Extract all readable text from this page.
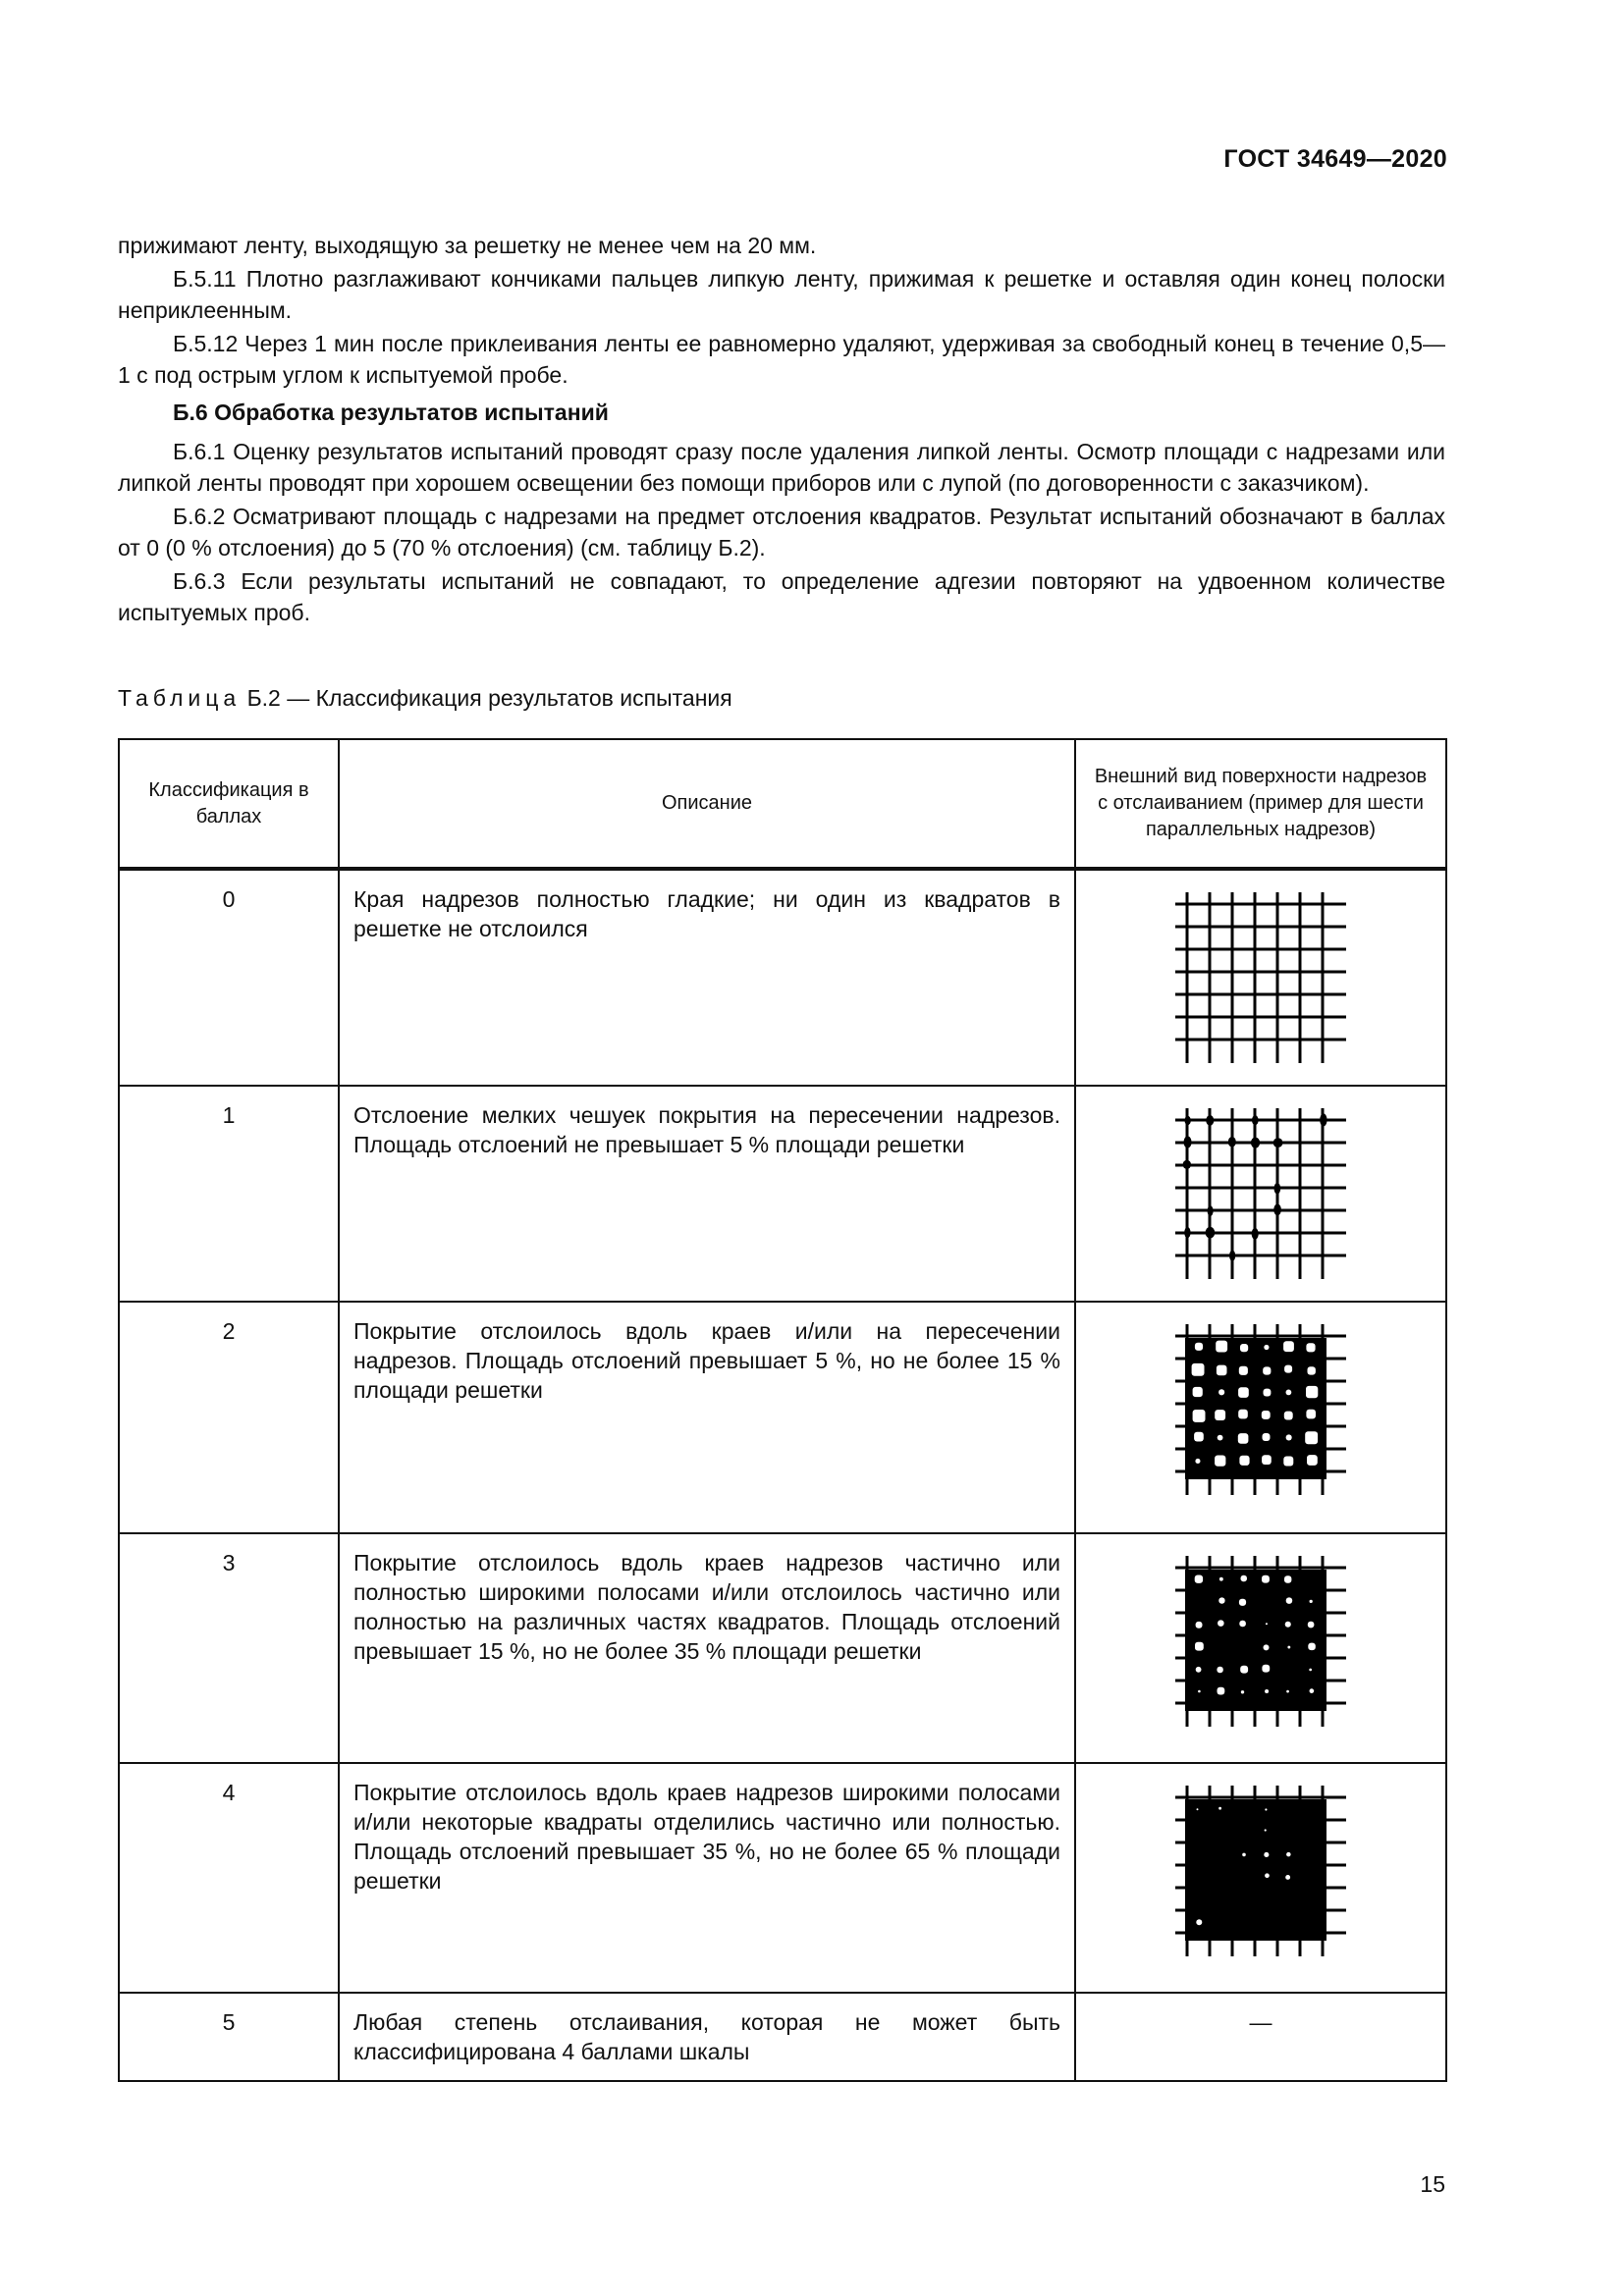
ГОСТ 34649—2020

прижимают ленту, выходящую за решетку не менее чем на 20 мм.

Б.5.11 Плотно разглаживают кончиками пальцев липкую ленту, прижимая к решетке и оставляя один конец полоски неприклеенным.

Б.5.12 Через 1 мин после приклеивания ленты ее равномерно удаляют, удерживая за свободный конец в течение 0,5—1 с под острым углом к испытуемой пробе.

Б.6 Обработка результатов испытаний

Б.6.1 Оценку результатов испытаний проводят сразу после удаления липкой ленты. Осмотр площади с надрезами или липкой ленты проводят при хорошем освещении без помощи приборов или с лупой (по договоренности с заказчиком).

Б.6.2 Осматривают площадь с надрезами на предмет отслоения квадратов. Результат испытаний обозначают в баллах от 0 (0 % отслоения) до 5 (70 % отслоения) (см. таблицу Б.2).

Б.6.3 Если результаты испытаний не совпадают, то определение адгезии повторяют на удвоенном количестве испытуемых проб.

Таблица Б.2 — Классификация результатов испытания
Классификация в баллах	Описание	Внешний вид поверхности надрезов с отслаиванием (пример для шести параллельных надрезов)
0	Края надрезов полностью гладкие; ни один из квадратов в решетке не отслоился	

1	Отслоение мелких чешуек покрытия на пересечении надрезов. Площадь отслоений не превышает 5 % площади решетки	

2	Покрытие отслоилось вдоль краев и/или на пересечении надрезов. Площадь отслоений превышает 5 %, но не более 15 % площади решетки	

3	Покрытие отслоилось вдоль краев надрезов частично или полностью широкими полосами и/или отслоилось частично или полностью на различных частях квадратов. Площадь отслоений превышает 15 %, но не более 35 % площади решетки	

4	Покрытие отслоилось вдоль краев надрезов широкими полосами и/или некоторые квадраты отделились частично или полностью. Площадь отслоений превышает 35 %, но не более 65 % площади решетки	

5	Любая степень отслаивания, которая не может быть классифицирована 4 баллами шкалы	—
15
